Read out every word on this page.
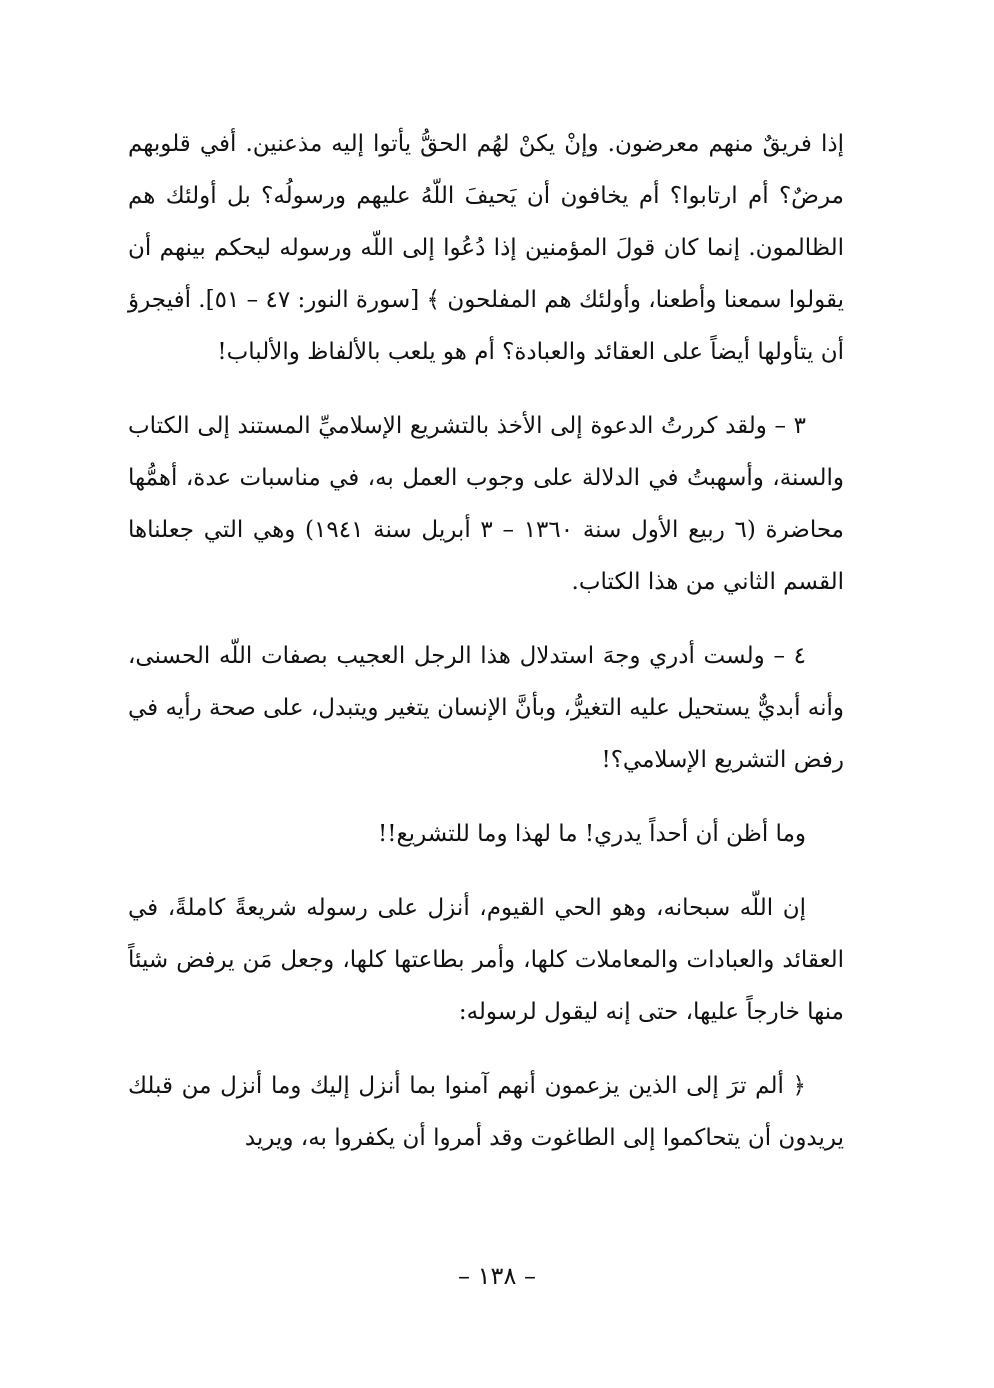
إذا فريقٌ منهم معرضون. وإنْ يكنْ لهُم الحقُّ يأتوا إليه مذعنين. أفي قلوبهم مرضٌ؟ أم ارتابوا؟ أم يخافون أن يَحيفَ اللّهُ عليهم ورسولُه؟ بل أولئك هم الظالمون. إنما كان قولَ المؤمنين إذا دُعُوا إلى اللّه ورسوله ليحكم بينهم أن يقولوا سمعنا وأطعنا، وأولئك هم المفلحون ﴾ [سورة النور: ٤٧ – ٥١]. أفيجرؤ أن يتأولها أيضاً على العقائد والعبادة؟ أم هو يلعب بالألفاظ والألباب!

٣ – ولقد كررتُ الدعوة إلى الأخذ بالتشريع الإسلاميِّ المستند إلى الكتاب والسنة، وأسهبتُ في الدلالة على وجوب العمل به، في مناسبات عدة، أهمُّها محاضرة (٦ ربيع الأول سنة ١٣٦٠ – ٣ أبريل سنة ١٩٤١) وهي التي جعلناها القسم الثاني من هذا الكتاب.

٤ – ولست أدري وجهَ استدلال هذا الرجل العجيب بصفات اللّه الحسنى، وأنه أبديٌّ يستحيل عليه التغيرُّ، وبأنَّ الإنسان يتغير ويتبدل، على صحة رأيه في رفض التشريع الإسلامي؟!

وما أظن أن أحداً يدري! ما لهذا وما للتشريع!!

إن اللّه سبحانه، وهو الحي القيوم، أنزل على رسوله شريعةً كاملةً، في العقائد والعبادات والمعاملات كلها، وأمر بطاعتها كلها، وجعل مَن يرفض شيئاً منها خارجاً عليها، حتى إنه ليقول لرسوله:

﴿ ألم ترَ إلى الذين يزعمون أنهم آمنوا بما أنزل إليك وما أنزل من قبلك يريدون أن يتحاكموا إلى الطاغوت وقد أمروا أن يكفروا به، ويريد

– ١٣٨ –
